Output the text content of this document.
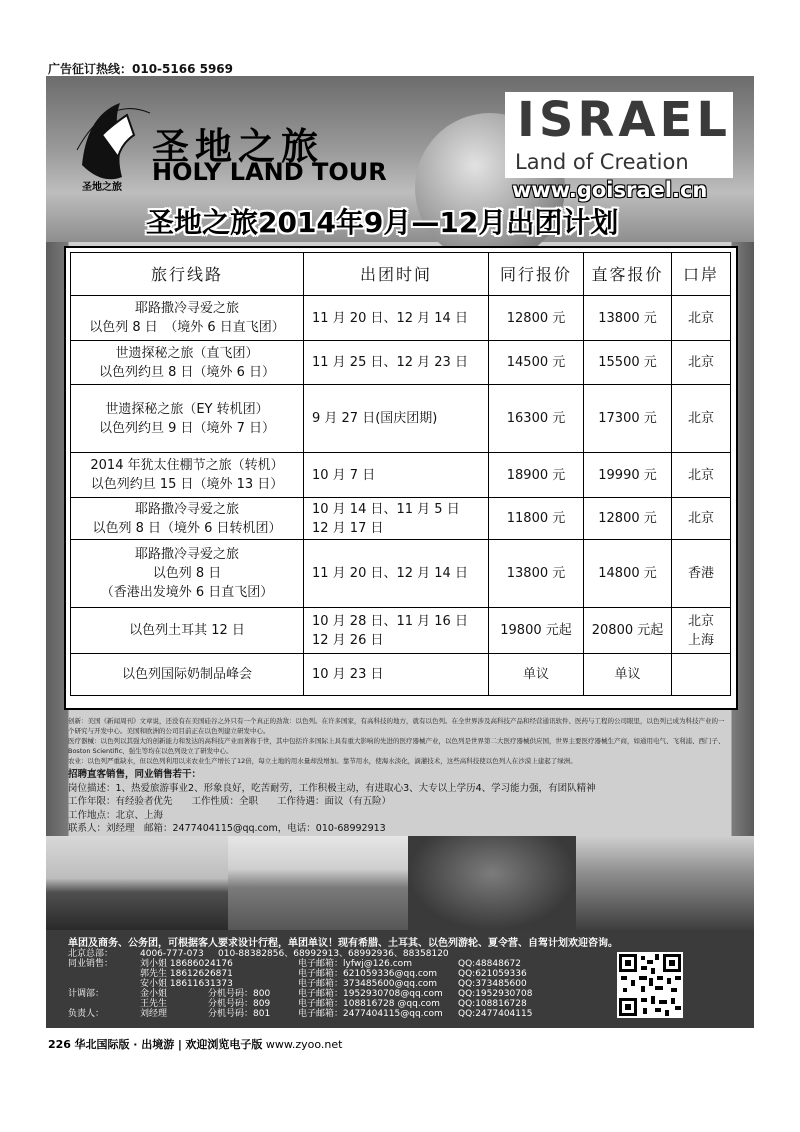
广告征订热线：010-5166 5969
圣地之旅
圣地之旅
HOLY LAND TOUR
ISRAEL
Land of Creation
www.goisrael.cn
圣地之旅2014年9月—12月出团计划
旅行线路	出团时间	同行报价	直客报价	口岸

耶路撒冷寻爱之旅
以色列 8 日　（境外 6 日直飞团）	11 月 20 日、12 月 14 日	12800 元	13800 元	北京

世遗探秘之旅（直飞团）
以色列约旦 8 日（境外 6 日）	11 月 25 日、12 月 23 日	14500 元	15500 元	北京

世遗探秘之旅（EY 转机团）
以色列约旦 9 日（境外 7 日）	9 月 27 日(国庆团期)	16300 元	17300 元	北京

2014 年犹太住棚节之旅（转机）
以色列约旦 15 日（境外 13 日）	10 月 7 日	18900 元	19990 元	北京

耶路撒冷寻爱之旅
以色列 8 日（境外 6 日转机团）	10 月 14 日、11 月 5 日
12 月 17 日	11800 元	12800 元	北京

耶路撒冷寻爱之旅
以色列 8 日
（香港出发境外 6 日直飞团）	11 月 20 日、12 月 14 日	13800 元	14800 元	香港

以色列土耳其 12 日	10 月 28 日、11 月 16 日
12 月 26 日	19800 元起	20800 元起	北京
上海

以色列国际奶制品峰会	10 月 23 日	单议	单议	
创新：美国《新闻周刊》文章说，还没有在美国硅谷之外只有一个真正的劲敌：以色列。在许多国家，有高科技的地方，就有以色列。在全世界涉及高科技产品和经营通讯软件、医药与工程的公司眼里，以色列已成为科技产业的一个研究与开发中心。美国和欧洲的公司目前正在以色列建立研发中心。
医疗器械：以色列以其强大的创新能力和发达的高科技产业而著称于世，其中包括许多国际上具有重大影响的先进的医疗器械产业，以色列是世界第二大医疗器械供应国，世界主要医疗器械生产商，如通用电气、飞利浦、西门子、Boston Scientific、强生等均在以色列设立了研发中心。
农业：以色列严重缺水，但以色列利用以来农业生产增长了12倍，每立土地的用水量却没增加。靠节用水，使海水淡化，滴灌技术，这些高科技使以色列人在沙漠上建起了绿洲。
招聘直客销售，同业销售若干：
岗位描述：1、热爱旅游事业2、形象良好，吃苦耐劳，工作积极主动，有进取心3、大专以上学历4、学习能力强，有团队精神
工作年限：有经验者优先　　工作性质：全职　　工作待遇：面议（有五险）
工作地点：北京、上海
联系人：刘经理　邮箱：2477404115@qq.com，电话：010-68992913
单团及商务、公务团，可根据客人要求设计行程，单团单议！现有希腊、土耳其、以色列游轮、夏令营、自驾计划欢迎咨询。
北京总部：	4006-777-073 010-88382856、68992913、68992936、88358120
同业销售：	刘小姐 18686024176	电子邮箱：lyfwj@126.com	QQ:48848672
郭先生 18612626871	电子邮箱：621059336@qq.com QQ:621059336
安小姐 18611631373	电子邮箱：373485600@qq.com QQ:373485600
计调部：	金小姐	分机号码：800	电子邮箱：1952930708@qq.com QQ:1952930708
王先生	分机号码：809	电子邮箱：108816728 @qq.com QQ:108816728
负责人：	刘经理	分机号码：801	电子邮箱：2477404115@qq.com QQ:2477404115
226 华北国际版 · 出境游 | 欢迎浏览电子版 www.zyoo.net
